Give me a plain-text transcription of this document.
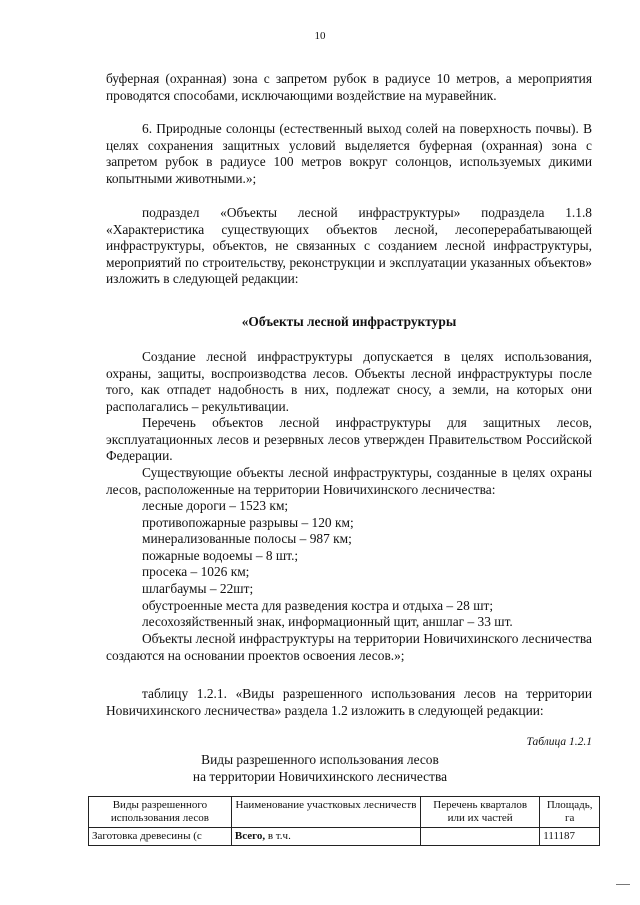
10
буферная (охранная) зона с запретом рубок в радиусе 10 метров, а мероприятия проводятся способами, исключающими воздействие на муравейник.
6. Природные солонцы (естественный выход солей на поверхность почвы). В целях сохранения защитных условий выделяется буферная (охранная) зона с запретом рубок в радиусе 100 метров вокруг солонцов, используемых дикими копытными животными.»;
подраздел «Объекты лесной инфраструктуры» подраздела 1.1.8 «Характеристика существующих объектов лесной, лесоперерабатывающей инфраструктуры, объектов, не связанных с созданием лесной инфраструктуры, мероприятий по строительству, реконструкции и эксплуатации указанных объектов» изложить в следующей редакции:
«Объекты лесной инфраструктуры
Создание лесной инфраструктуры допускается в целях использования, охраны, защиты, воспроизводства лесов. Объекты лесной инфраструктуры после того, как отпадет надобность в них, подлежат сносу, а земли, на которых они располагались – рекультивации.
Перечень объектов лесной инфраструктуры для защитных лесов, эксплуатационных лесов и резервных лесов утвержден Правительством Российской Федерации.
Существующие объекты лесной инфраструктуры, созданные в целях охраны лесов, расположенные на территории Новичихинского лесничества:

лесные дороги – 1523 км;

противопожарные разрывы – 120 км;

минерализованные полосы – 987 км;

пожарные водоемы – 8 шт.;

просека – 1026 км;

шлагбаумы – 22шт;

обустроенные места для разведения костра и отдыха – 28 шт;

лесохозяйственный знак, информационный щит, аншлаг – 33 шт.

Объекты лесной инфраструктуры на территории Новичихинского лесничества создаются на основании проектов освоения лесов.»;
таблицу 1.2.1. «Виды разрешенного использования лесов на территории Новичихинского лесничества» раздела 1.2 изложить в следующей редакции:
Таблица 1.2.1
Виды разрешенного использования лесов
на территории Новичихинского лесничества
Виды разрешенного использования лесов	Наименование участковых лесничеств	Перечень кварталов или их частей	Площадь, га
Заготовка древесины (с	Всего, в т.ч.		111187
